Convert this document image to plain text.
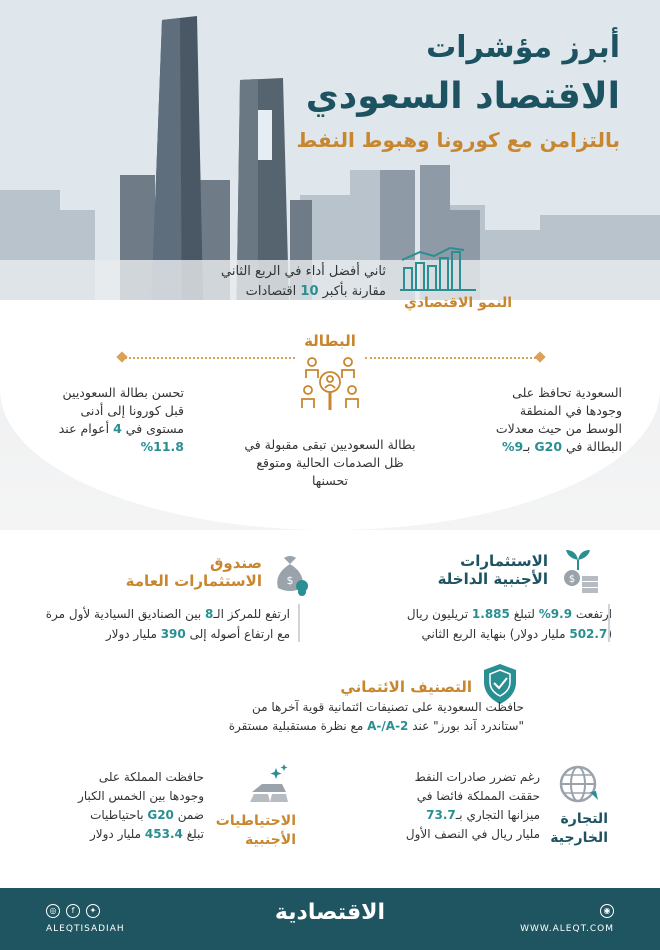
أبرز مؤشرات
الاقتصاد السعودي
بالتزامن مع كورونا وهبوط النفط
النمو الاقتصادي
ثاني أفضل أداء في الربع الثاني
مقارنة بأكبر 10 اقتصادات
البطالة
تحسن بطالة السعوديين قبل كورونا إلى أدنى مستوى في 4 أعوام عند 11.8%
السعودية تحافظ على وجودها في المنطقة الوسط من حيث معدلات البطالة في G20 بـ9%
بطالة السعوديين تبقى مقبولة في ظل الصدمات الحالية ومتوقع تحسنها
$
الاستثمارات
الأجنبية الداخلة
ارتفعت 9.9% لتبلغ 1.885 تريليون ريال
(502.7 مليار دولار) بنهاية الربع الثاني
$
صندوق
الاستثمارات العامة
ارتفع للمركز الـ8 بين الصناديق السيادية لأول مرة مع ارتفاع أصوله إلى 390 مليار دولار
التصنيف الائتماني
حافظت السعودية على تصنيفات ائتمانية قوية آخرها من
"ستاندرد آند بورز" عند A-/A-2 مع نظرة مستقبلية مستقرة
التجارة
الخارجية
رغم تضرر صادرات النفط حققت المملكة فائضا في ميزانها التجاري بـ73.7 مليار ريال في النصف الأول
الاحتياطيات
الأجنبية
حافظت المملكة على وجودها بين الخمس الكبار ضمن G20 باحتياطيات تبلغ 453.4 مليار دولار
الاقتصادية
◎	f	✦
ALEQTISADIAH
◉
WWW.ALEQT.COM
